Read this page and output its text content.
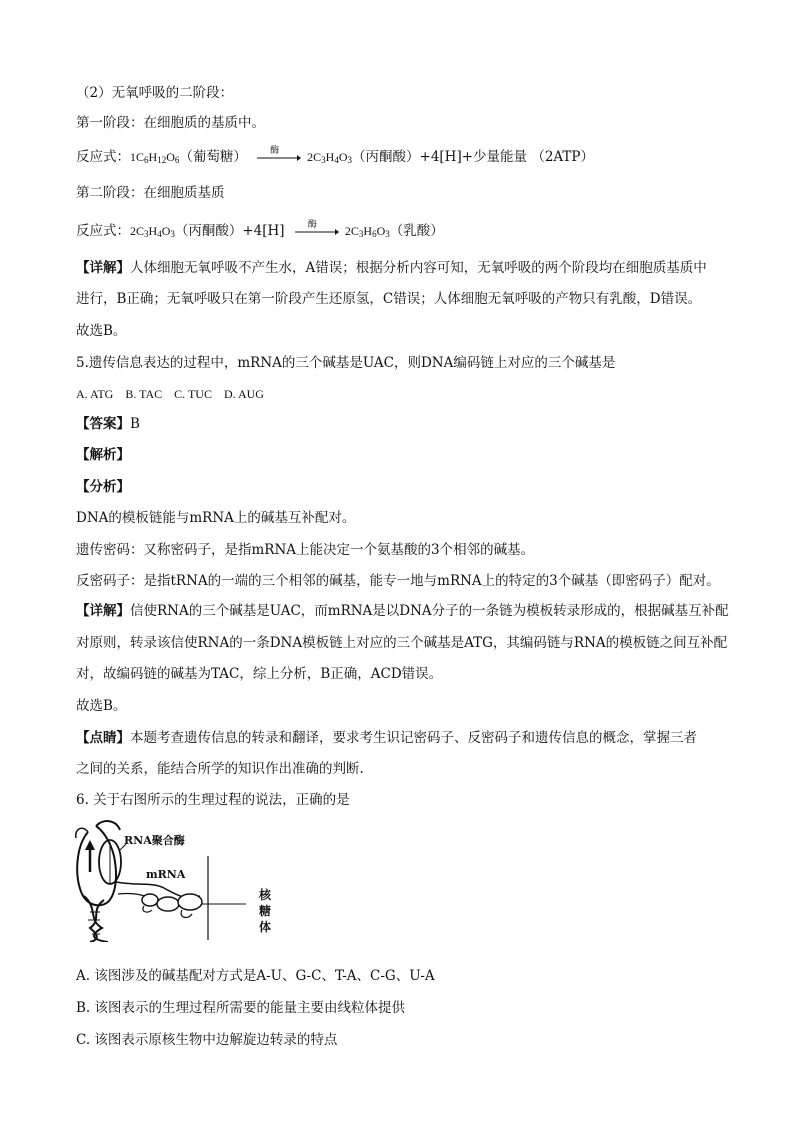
（2）无氧呼吸的二阶段：
第一阶段：在细胞质的基质中。
反应式：$1C_6H_{12}O_6$（葡萄糖）	酶 $2C_3H_4O_3$（丙酮酸）+4[H]+少量能量 （2ATP）
第二阶段：在细胞质基质
反应式：$2C_3H_4O_3$（丙酮酸）+4[H]	酶 $2C_3H_6O_3$（乳酸）
【详解】人体细胞无氧呼吸不产生水，A错误；根据分析内容可知，无氧呼吸的两个阶段均在细胞质基质中
进行，B正确；无氧呼吸只在第一阶段产生还原氢，C错误；人体细胞无氧呼吸的产物只有乳酸，D错误。
故选B。
5.遗传信息表达的过程中，mRNA的三个碱基是UAC，则DNA编码链上对应的三个碱基是
A. ATG    B. TAC    C. TUC    D. AUG
【答案】B
【解析】
【分析】
DNA的模板链能与mRNA上的碱基互补配对。
遗传密码：又称密码子，是指mRNA上能决定一个氨基酸的3个相邻的碱基。
反密码子：是指tRNA的一端的三个相邻的碱基，能专一地与mRNA上的特定的3个碱基（即密码子）配对。
【详解】信使RNA的三个碱基是UAC，而mRNA是以DNA分子的一条链为模板转录形成的，根据碱基互补配
对原则，转录该信使RNA的一条DNA模板链上对应的三个碱基是ATG，其编码链与RNA的模板链之间互补配
对，故编码链的碱基为TAC，综上分析，B正确，ACD错误。
故选B。
【点睛】本题考查遗传信息的转录和翻译，要求考生识记密码子、反密码子和遗传信息的概念，掌握三者
之间的关系，能结合所学的知识作出准确的判断.
6. 关于右图所示的生理过程的说法，正确的是
RNA聚合酶
mRNA
核
糖
体
A. 该图涉及的碱基配对方式是A-U、G-C、T-A、C-G、U-A
B. 该图表示的生理过程所需要的能量主要由线粒体提供
C. 该图表示原核生物中边解旋边转录的特点
